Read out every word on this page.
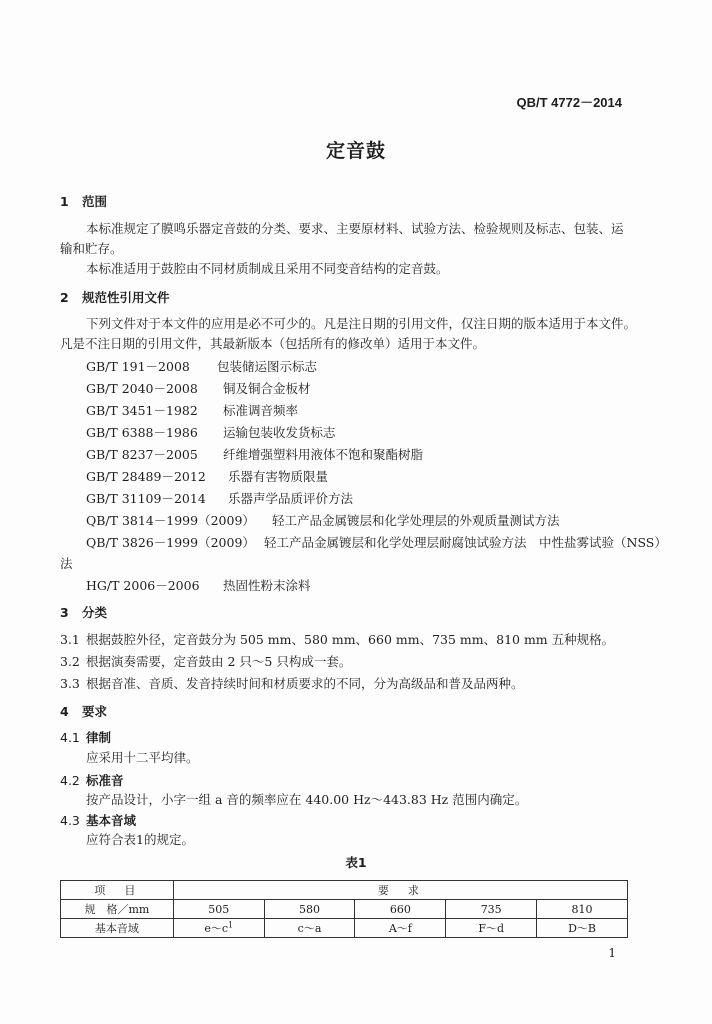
QB/T 4772－2014
定音鼓
1 范围
本标准规定了膜鸣乐器定音鼓的分类、要求、主要原材料、试验方法、检验规则及标志、包装、运
输和贮存。
本标准适用于鼓腔由不同材质制成且采用不同变音结构的定音鼓。
2 规范性引用文件
下列文件对于本文件的应用是必不可少的。凡是注日期的引用文件，仅注日期的版本适用于本文件。
凡是不注日期的引用文件，其最新版本（包括所有的修改单）适用于本文件。
GB/T 191－2008 包装储运图示标志
GB/T 2040－2008 铜及铜合金板材
GB/T 3451－1982 标准调音频率
GB/T 6388－1986 运输包装收发货标志
GB/T 8237－2005 纤维增强塑料用液体不饱和聚酯树脂
GB/T 28489－2012 乐器有害物质限量
GB/T 31109－2014 乐器声学品质评价方法
QB/T 3814－1999（2009） 轻工产品金属镀层和化学处理层的外观质量测试方法
QB/T 3826－1999（2009） 轻工产品金属镀层和化学处理层耐腐蚀试验方法　中性盐雾试验（NSS）
法
HG/T 2006－2006 热固性粉末涂料
3 分类
3.1 根据鼓腔外径，定音鼓分为 505 mm、580 mm、660 mm、735 mm、810 mm 五种规格。
3.2 根据演奏需要，定音鼓由 2 只～5 只构成一套。
3.3 根据音准、音质、发音持续时间和材质要求的不同，分为高级品和普及品两种。
4 要求
4.1 律制
应采用十二平均律。
4.2 标准音
按产品设计，小字一组 a 音的频率应在 440.00 Hz～443.83 Hz 范围内确定。
4.3 基本音域
应符合表1的规定。
表1
项　目	要　求				
规　格／mm	505	580	660	735	810
基本音域	$e\sim c^1$	c～a	A～f	F～d	D～B
1
